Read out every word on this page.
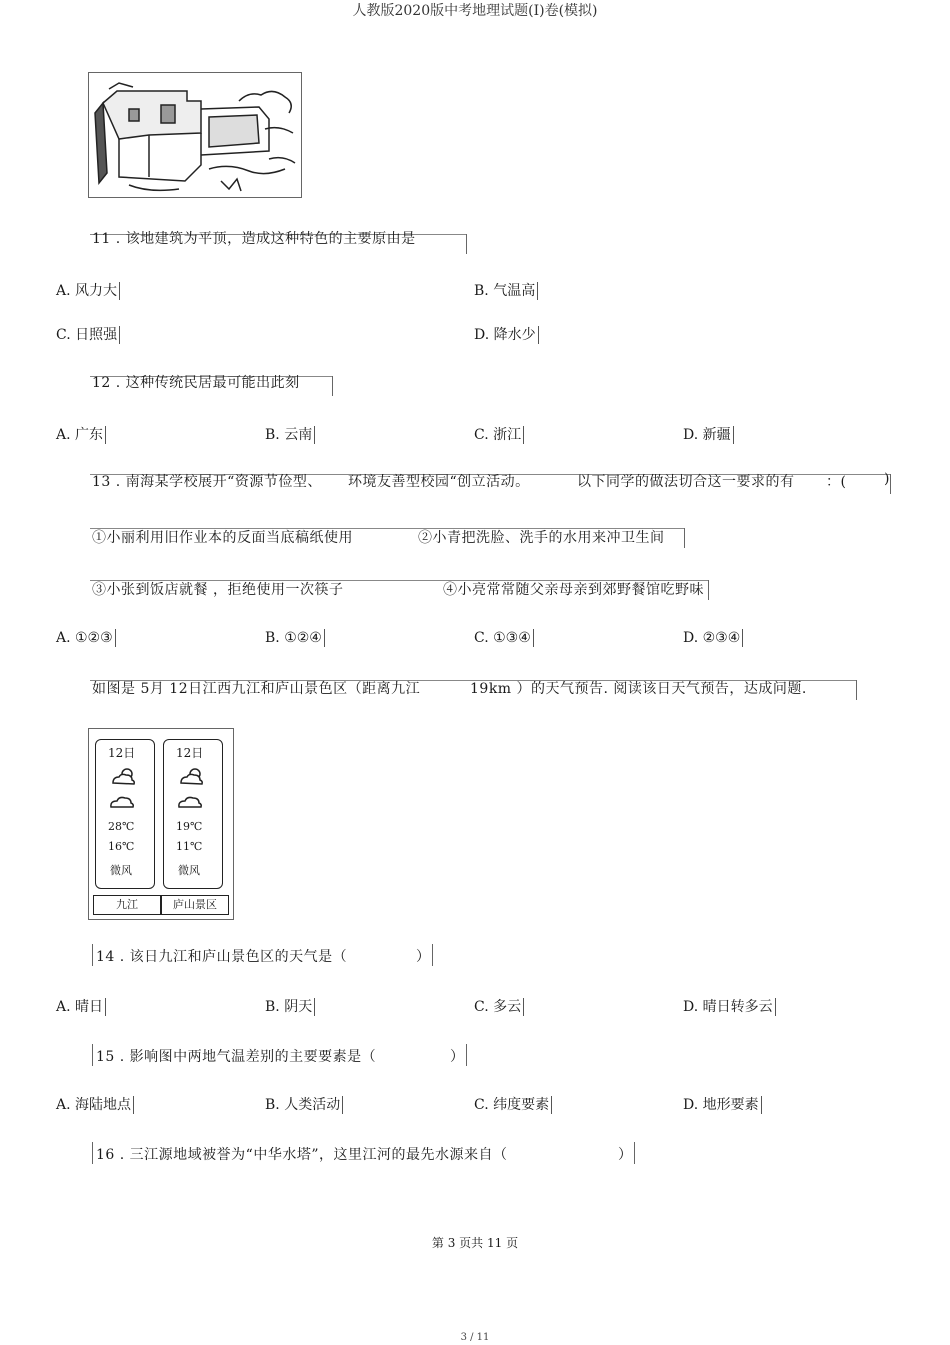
人教版2020版中考地理试题(I)卷(模拟)
11 . 该地建筑为平顶，造成这种特色的主要原由是
A. 风力大	B. 气温高
C. 日照强	D. 降水少
12 . 这种传统民居最可能出此刻
A. 广东	B. 云南	C. 浙江	D. 新疆
13 . 南海某学校展开“资源节俭型、 环境友善型校园“创立活动。	以下同学的做法切合这一要求的有 ：(	)
①小丽利用旧作业本的反面当底稿纸使用	②小青把洗脸、洗手的水用来冲卫生间
③小张到饭店就餐 ，拒绝使用一次筷子	④小亮常常随父亲母亲到郊野餐馆吃野味
A. ①②③	B. ①②④	C. ①③④	D. ②③④
如图是 5月 12日江西九江和庐山景色区（距离九江	19km ）的天气预告. 阅读该日天气预告，达成问题.
12日
28℃
16℃
微风
九江
12日
19℃
11℃
微风
庐山景区
14 . 该日九江和庐山景色区的天气是（	）
A. 晴日	B. 阴天	C. 多云	D. 晴日转多云
15 . 影响图中两地气温差别的主要要素是（	）
A. 海陆地点	B. 人类活动	C. 纬度要素	D. 地形要素
16 . 三江源地域被誉为“中华水塔”，这里江河的最先水源来自（	）
第 3 页共 11 页
3 / 11
